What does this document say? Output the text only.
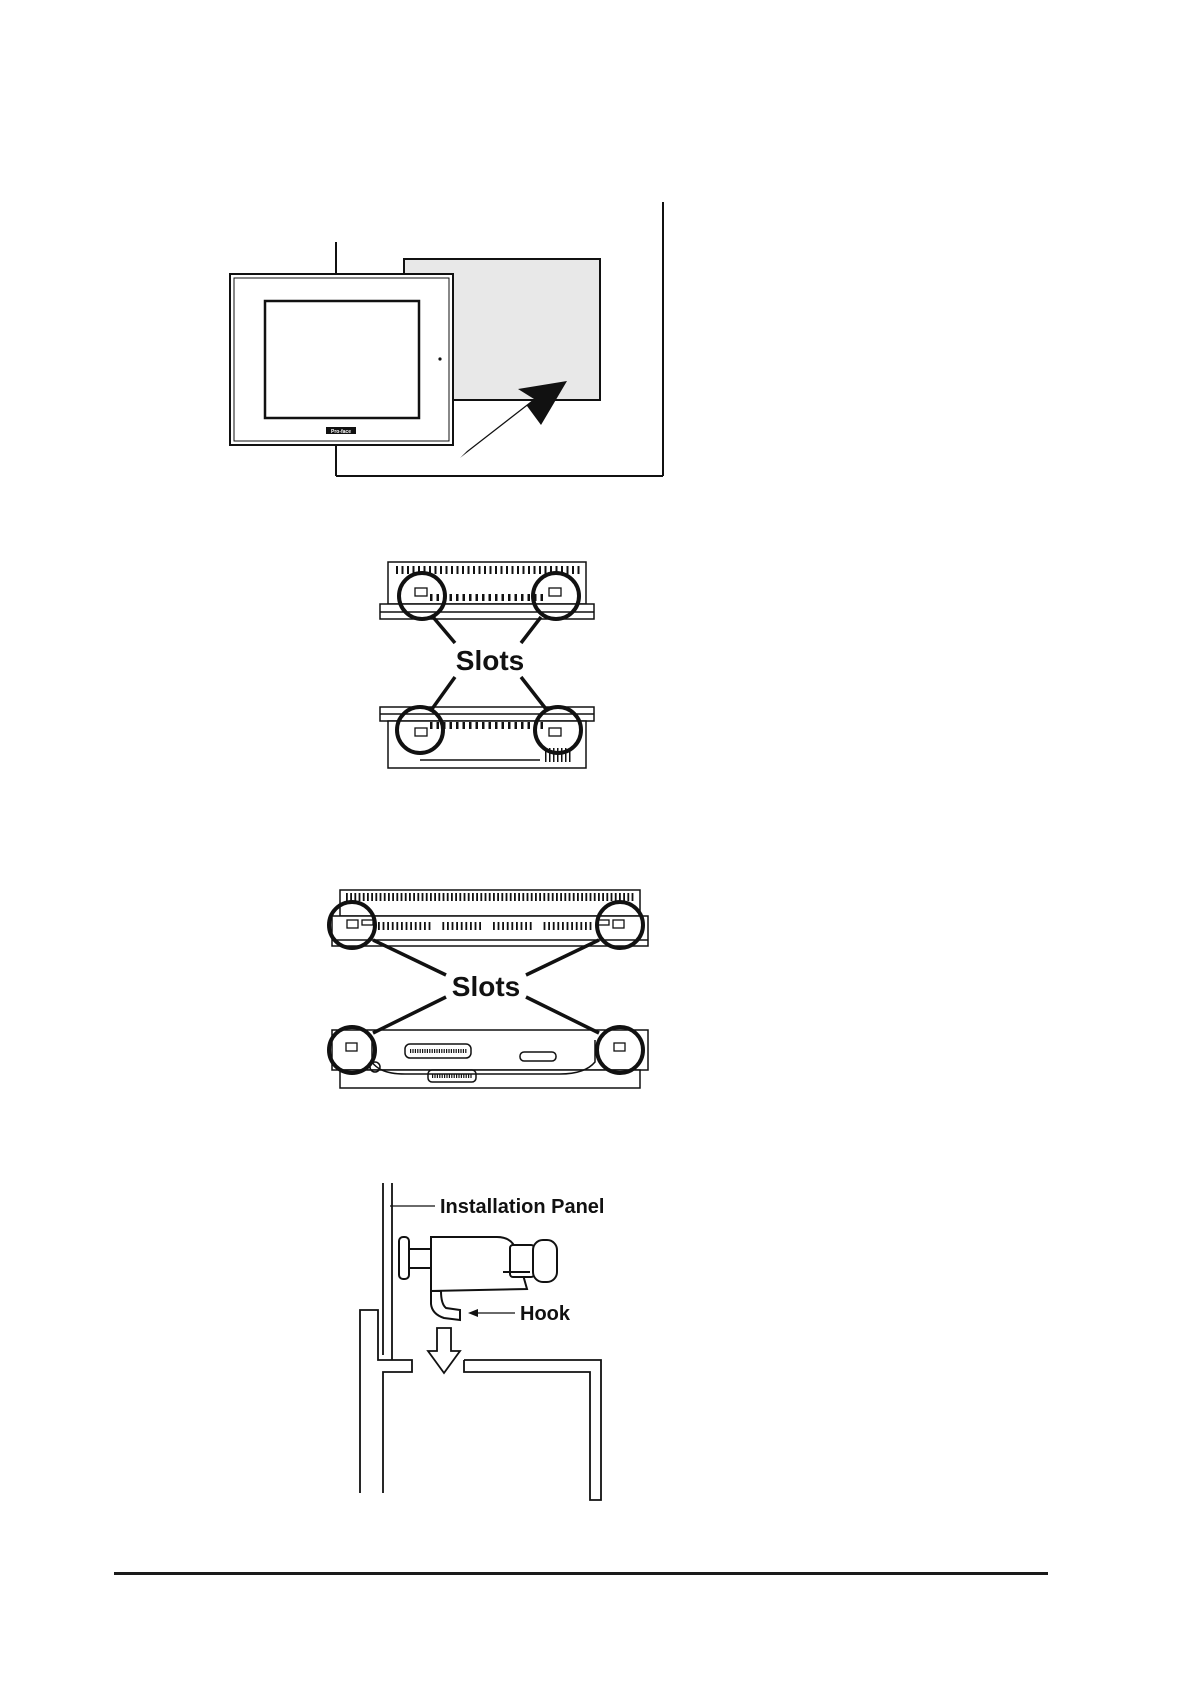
Pro-face
Slots
Slots
Installation Panel
Hook
